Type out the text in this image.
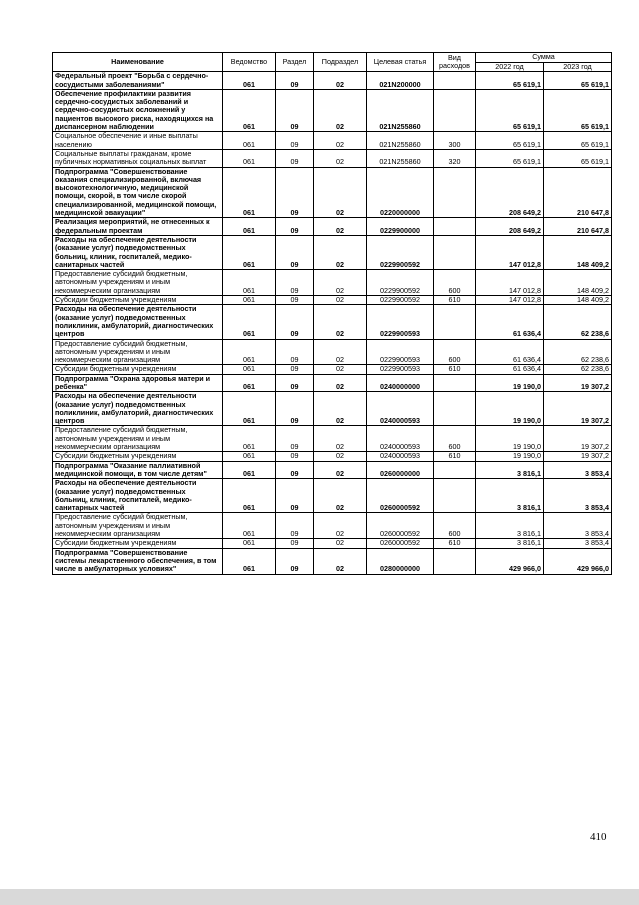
Наименование	Ведомство	Раздел	Подраздел	Целевая статья	Вид расходов	Сумма	
						2022 год	2023 год
Федеральный проект "Борьба с сердечно-сосудистыми заболеваниями"	061	09	02	021N200000		65 619,1	65 619,1
Обеспечение профилактики развития сердечно-сосудистых заболеваний и сердечно-сосудистых осложнений у пациентов высокого риска, находящихся на диспансерном наблюдении	061	09	02	021N255860		65 619,1	65 619,1
Социальное обеспечение и иные выплаты населению	061	09	02	021N255860	300	65 619,1	65 619,1
Социальные выплаты гражданам, кроме публичных нормативных социальных выплат	061	09	02	021N255860	320	65 619,1	65 619,1
Подпрограмма "Совершенствование оказания специализированной, включая высокотехнологичную, медицинской помощи, скорой, в том числе скорой специализированной, медицинской помощи, медицинской эвакуации"	061	09	02	0220000000		208 649,2	210 647,8
Реализация мероприятий, не отнесенных к федеральным проектам	061	09	02	0229900000		208 649,2	210 647,8
Расходы на обеспечение деятельности (оказание услуг) подведомственных больниц, клиник, госпиталей, медико-санитарных частей	061	09	02	0229900592		147 012,8	148 409,2
Предоставление субсидий бюджетным, автономным учреждениям и иным некоммерческим организациям	061	09	02	0229900592	600	147 012,8	148 409,2
Субсидии бюджетным учреждениям	061	09	02	0229900592	610	147 012,8	148 409,2
Расходы на обеспечение деятельности (оказание услуг) подведомственных поликлиник, амбулаторий, диагностических центров	061	09	02	0229900593		61 636,4	62 238,6
Предоставление субсидий бюджетным, автономным учреждениям и иным некоммерческим организациям	061	09	02	0229900593	600	61 636,4	62 238,6
Субсидии бюджетным учреждениям	061	09	02	0229900593	610	61 636,4	62 238,6
Подпрограмма "Охрана здоровья матери и ребенка"	061	09	02	0240000000		19 190,0	19 307,2
Расходы на обеспечение деятельности (оказание услуг) подведомственных поликлиник, амбулаторий, диагностических центров	061	09	02	0240000593		19 190,0	19 307,2
Предоставление субсидий бюджетным, автономным учреждениям и иным некоммерческим организациям	061	09	02	0240000593	600	19 190,0	19 307,2
Субсидии бюджетным учреждениям	061	09	02	0240000593	610	19 190,0	19 307,2
Подпрограмма "Оказание паллиативной медицинской помощи, в том числе детям"	061	09	02	0260000000		3 816,1	3 853,4
Расходы на обеспечение деятельности (оказание услуг) подведомственных больниц, клиник, госпиталей, медико-санитарных частей	061	09	02	0260000592		3 816,1	3 853,4
Предоставление субсидий бюджетным, автономным учреждениям и иным некоммерческим организациям	061	09	02	0260000592	600	3 816,1	3 853,4
Субсидии бюджетным учреждениям	061	09	02	0260000592	610	3 816,1	3 853,4
Подпрограмма "Совершенствование системы лекарственного обеспечения, в том числе в амбулаторных условиях"	061	09	02	0280000000		429 966,0	429 966,0
410
